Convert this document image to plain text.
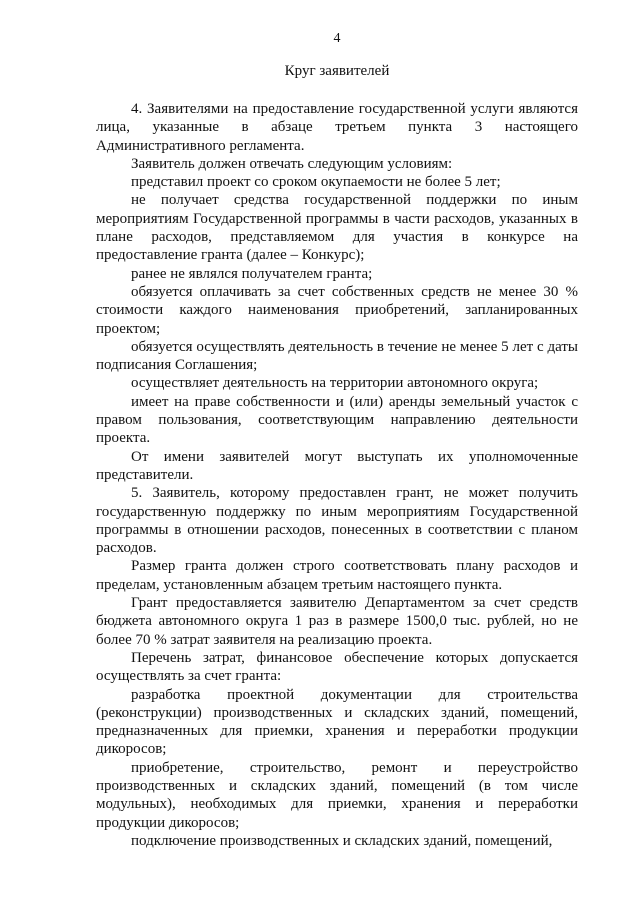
4
Круг заявителей

4. Заявителями на предоставление государственной услуги являются лица, указанные в абзаце третьем пункта 3 настоящего Административного регламента.

Заявитель должен отвечать следующим условиям:

представил проект со сроком окупаемости не более 5 лет;

не получает средства государственной поддержки по иным мероприятиям Государственной программы в части расходов, указанных в плане расходов, представляемом для участия в конкурсе на предоставление гранта (далее – Конкурс);

ранее не являлся получателем гранта;

обязуется оплачивать за счет собственных средств не менее 30 % стоимости каждого наименования приобретений, запланированных проектом;

обязуется осуществлять деятельность в течение не менее 5 лет с даты подписания Соглашения;

осуществляет деятельность на территории автономного округа;

имеет на праве собственности и (или) аренды земельный участок с правом пользования, соответствующим направлению деятельности проекта.

От имени заявителей могут выступать их уполномоченные представители.

5. Заявитель, которому предоставлен грант, не может получить государственную поддержку по иным мероприятиям Государственной программы в отношении расходов, понесенных в соответствии с планом расходов.

Размер гранта должен строго соответствовать плану расходов и пределам, установленным абзацем третьим настоящего пункта.

Грант предоставляется заявителю Департаментом за счет средств бюджета автономного округа 1 раз в размере 1500,0 тыс. рублей, но не более 70 % затрат заявителя на реализацию проекта.

Перечень затрат, финансовое обеспечение которых допускается осуществлять за счет гранта:

разработка проектной документации для строительства (реконструкции) производственных и складских зданий, помещений, предназначенных для приемки, хранения и переработки продукции дикоросов;

приобретение, строительство, ремонт и переустройство производственных и складских зданий, помещений (в том числе модульных), необходимых для приемки, хранения и переработки продукции дикоросов;

подключение производственных и складских зданий, помещений,
